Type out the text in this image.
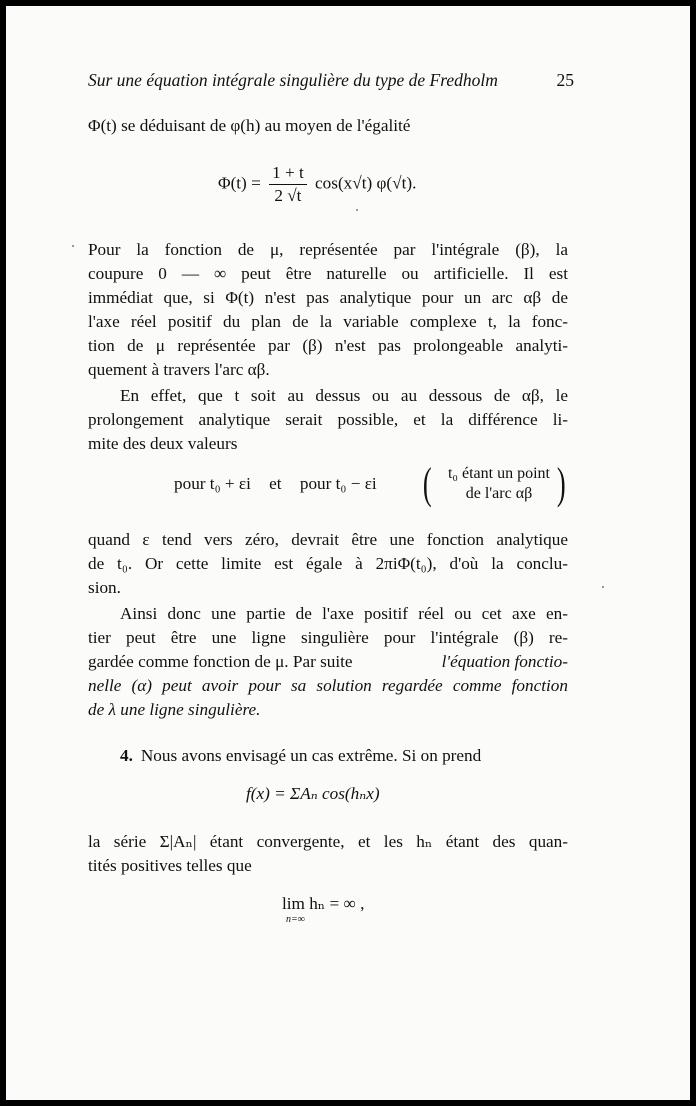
Sur une équation intégrale singulière du type de Fredholm	25
Φ(t) se déduisant de φ(h) au moyen de l'égalité
$\Phi(t) = \frac{1 + t}{2 √t} \cos(x√t)$ φ(√t).
Pour la fonction de μ, représentée par l'intégrale (β), la
coupure 0 — ∞ peut être naturelle ou artificielle. Il est
immédiat que, si Φ(t) n'est pas analytique pour un arc αβ de
l'axe réel positif du plan de la variable complexe t, la fonc-
tion de μ représentée par (β) n'est pas prolongeable analyti-
quement à travers l'arc αβ.
En effet, que t soit au dessus ou au dessous de αβ, le
prolongement analytique serait possible, et la différence li-
mite des deux valeurs
pour t₀ + εi et pour t₀ − εi (	t₀ étant un point
de l'arc αβ )
quand ε tend vers zéro, devrait être une fonction analytique
de t₀. Or cette limite est égale à 2πiΦ(t₀), d'où la conclu-
sion.
Ainsi donc une partie de l'axe positif réel ou cet axe en-
tier peut être une ligne singulière pour l'intégrale (β) re-
gardée comme fonction de μ. Par suite	l'équation fonctio-
nelle (α) peut avoir pour sa solution regardée comme fonction
de λ une ligne singulière.
4. Nous avons envisagé un cas extrême. Si on prend
f(x) = ΣAₙ cos(hₙx)
la série Σ|Aₙ| étant convergente, et les hₙ étant des quan-
tités positives telles que
lim hₙ = ∞ ,
n=∞
